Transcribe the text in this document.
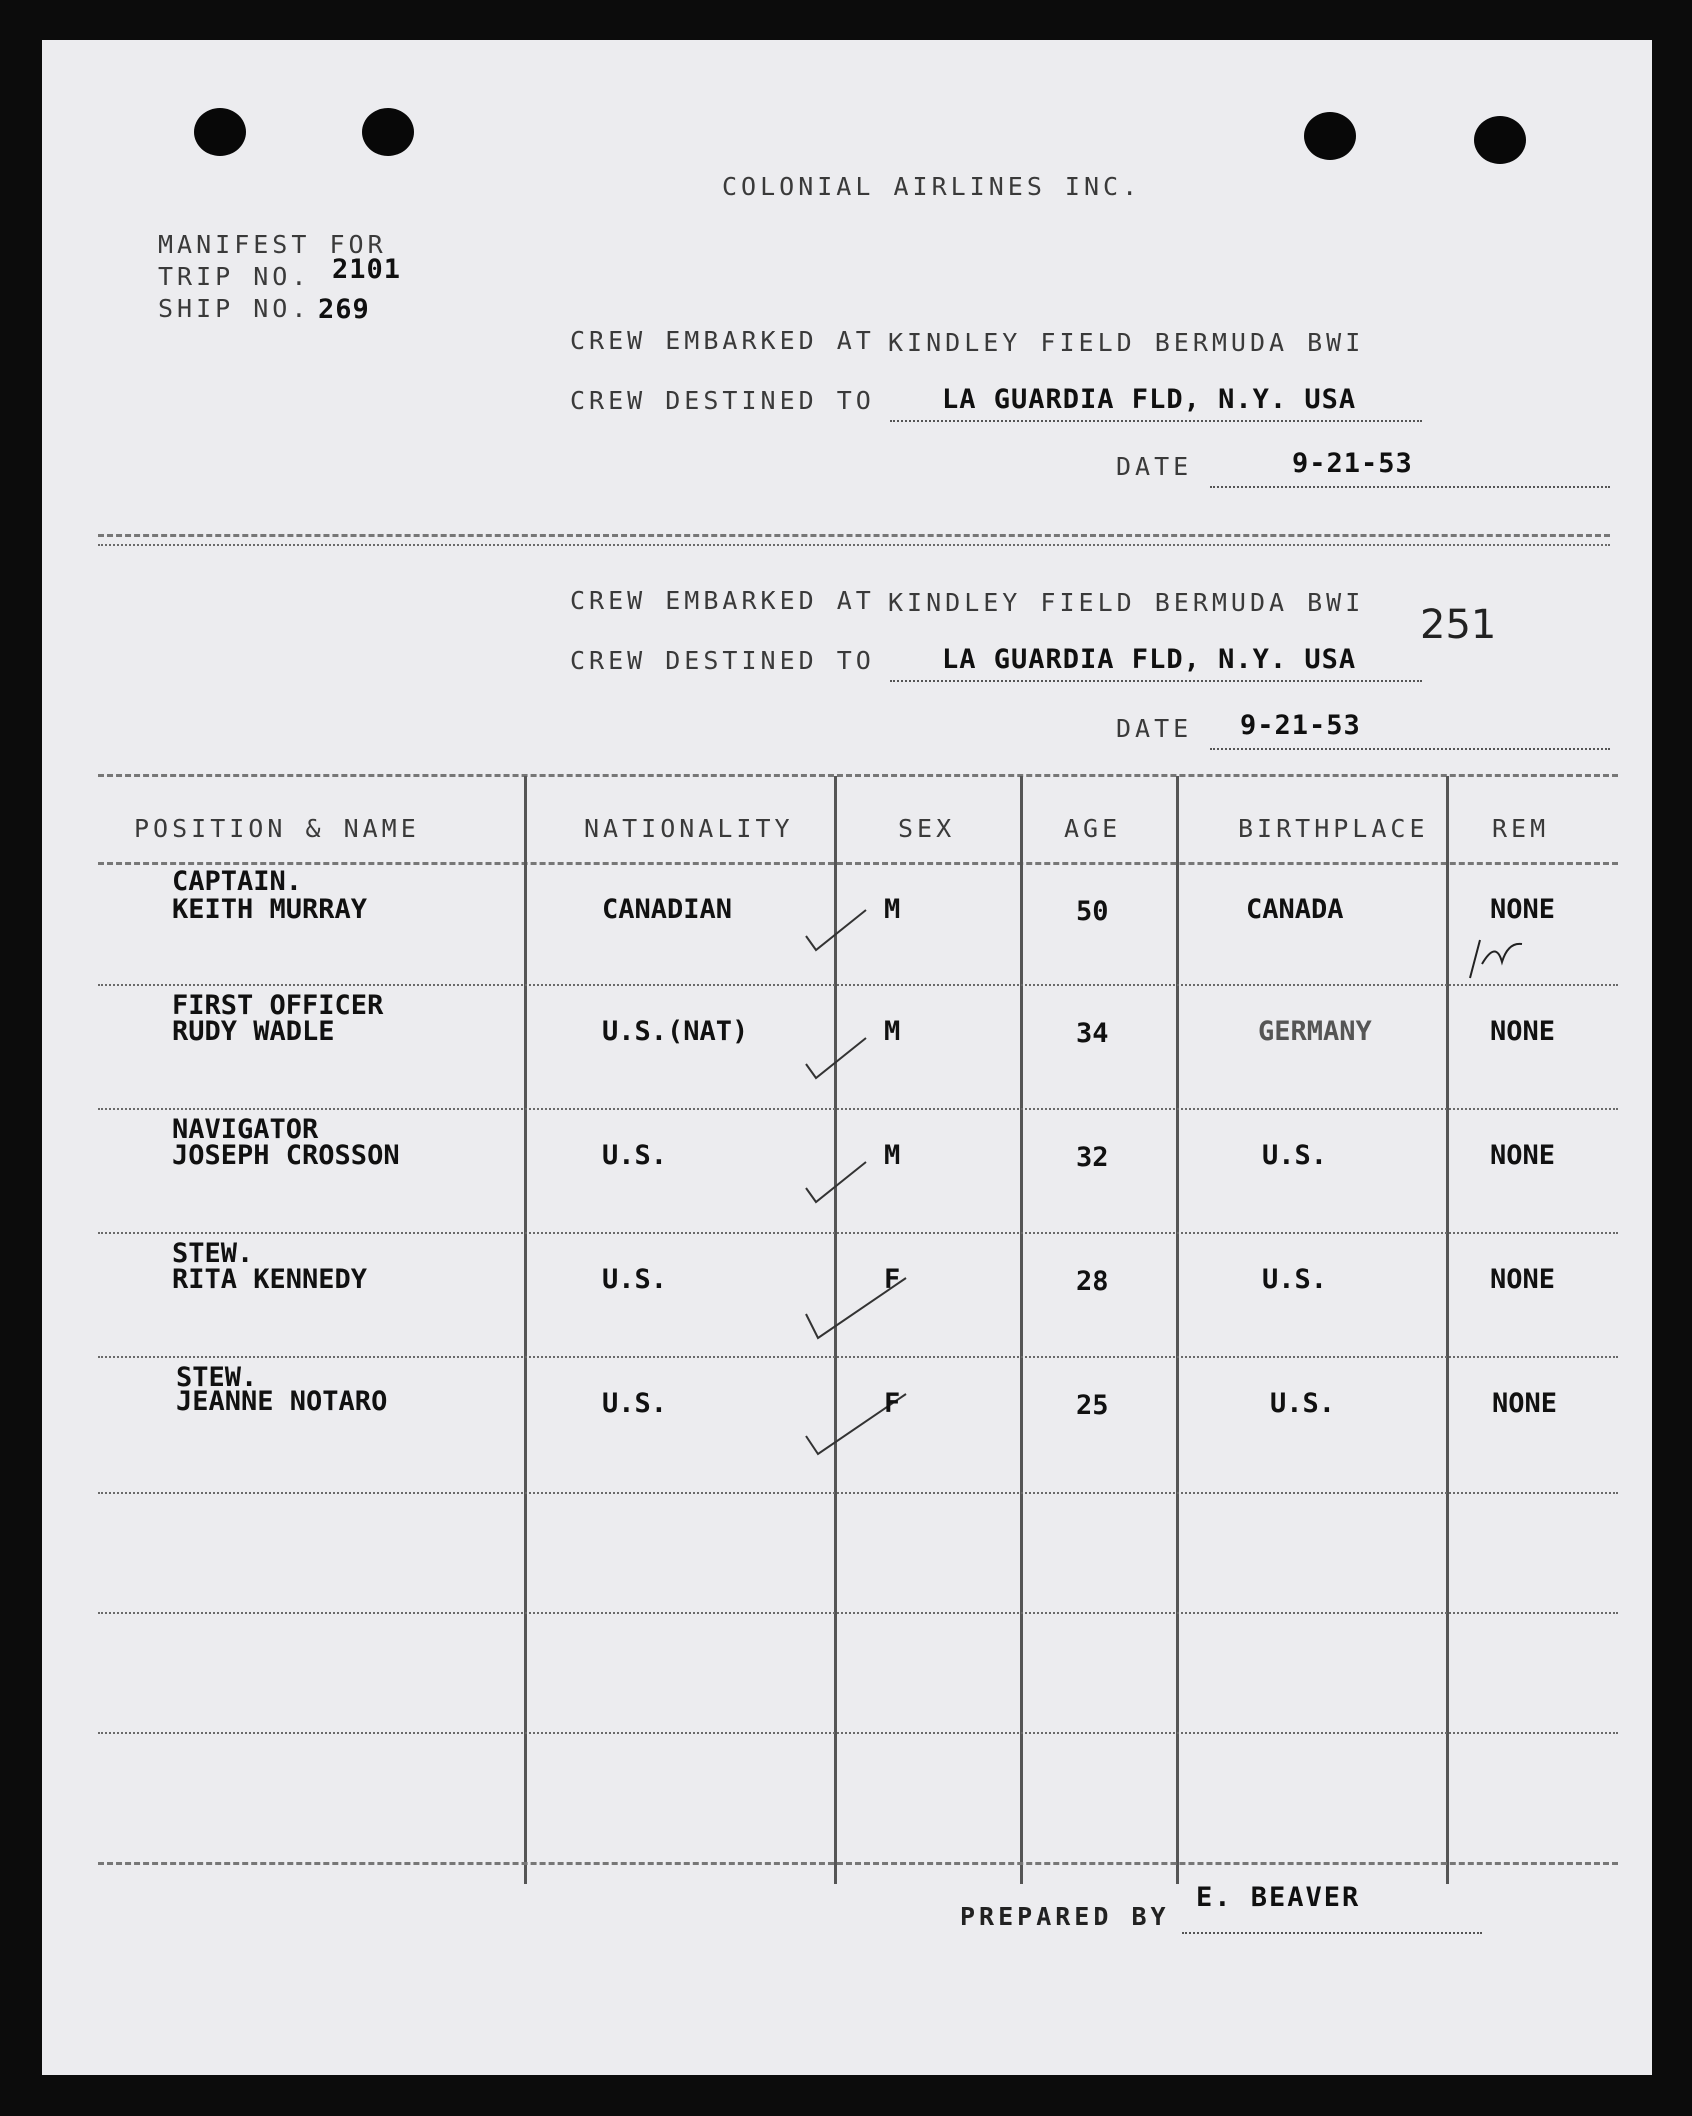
COLONIAL AIRLINES INC.
MANIFEST FOR
TRIP NO. 2101
SHIP NO. 269
CREW EMBARKED AT KINDLEY FIELD BERMUDA BWI
CREW DESTINED TO LA GUARDIA FLD, N.Y. USA
DATE	9-21-53
CREW EMBARKED AT KINDLEY FIELD BERMUDA BWI 251
CREW DESTINED TO LA GUARDIA FLD, N.Y. USA
DATE 9-21-53
POSITION & NAME	NATIONALITY	SEX	AGE	BIRTHPLACE	REM
CAPTAIN.
KEITH MURRAY	CANADIAN	M	50	CANADA	NONE
FIRST OFFICER
RUDY WADLE	U.S.(NAT)	M	34	GERMANY	NONE
NAVIGATOR
JOSEPH CROSSON	U.S.	M	32	U.S.	NONE
STEW.
RITA KENNEDY	U.S.	F	28	U.S.	NONE
STEW.
JEANNE NOTARO	U.S.	F	25	U.S.	NONE
PREPARED BY
E. BEAVER
